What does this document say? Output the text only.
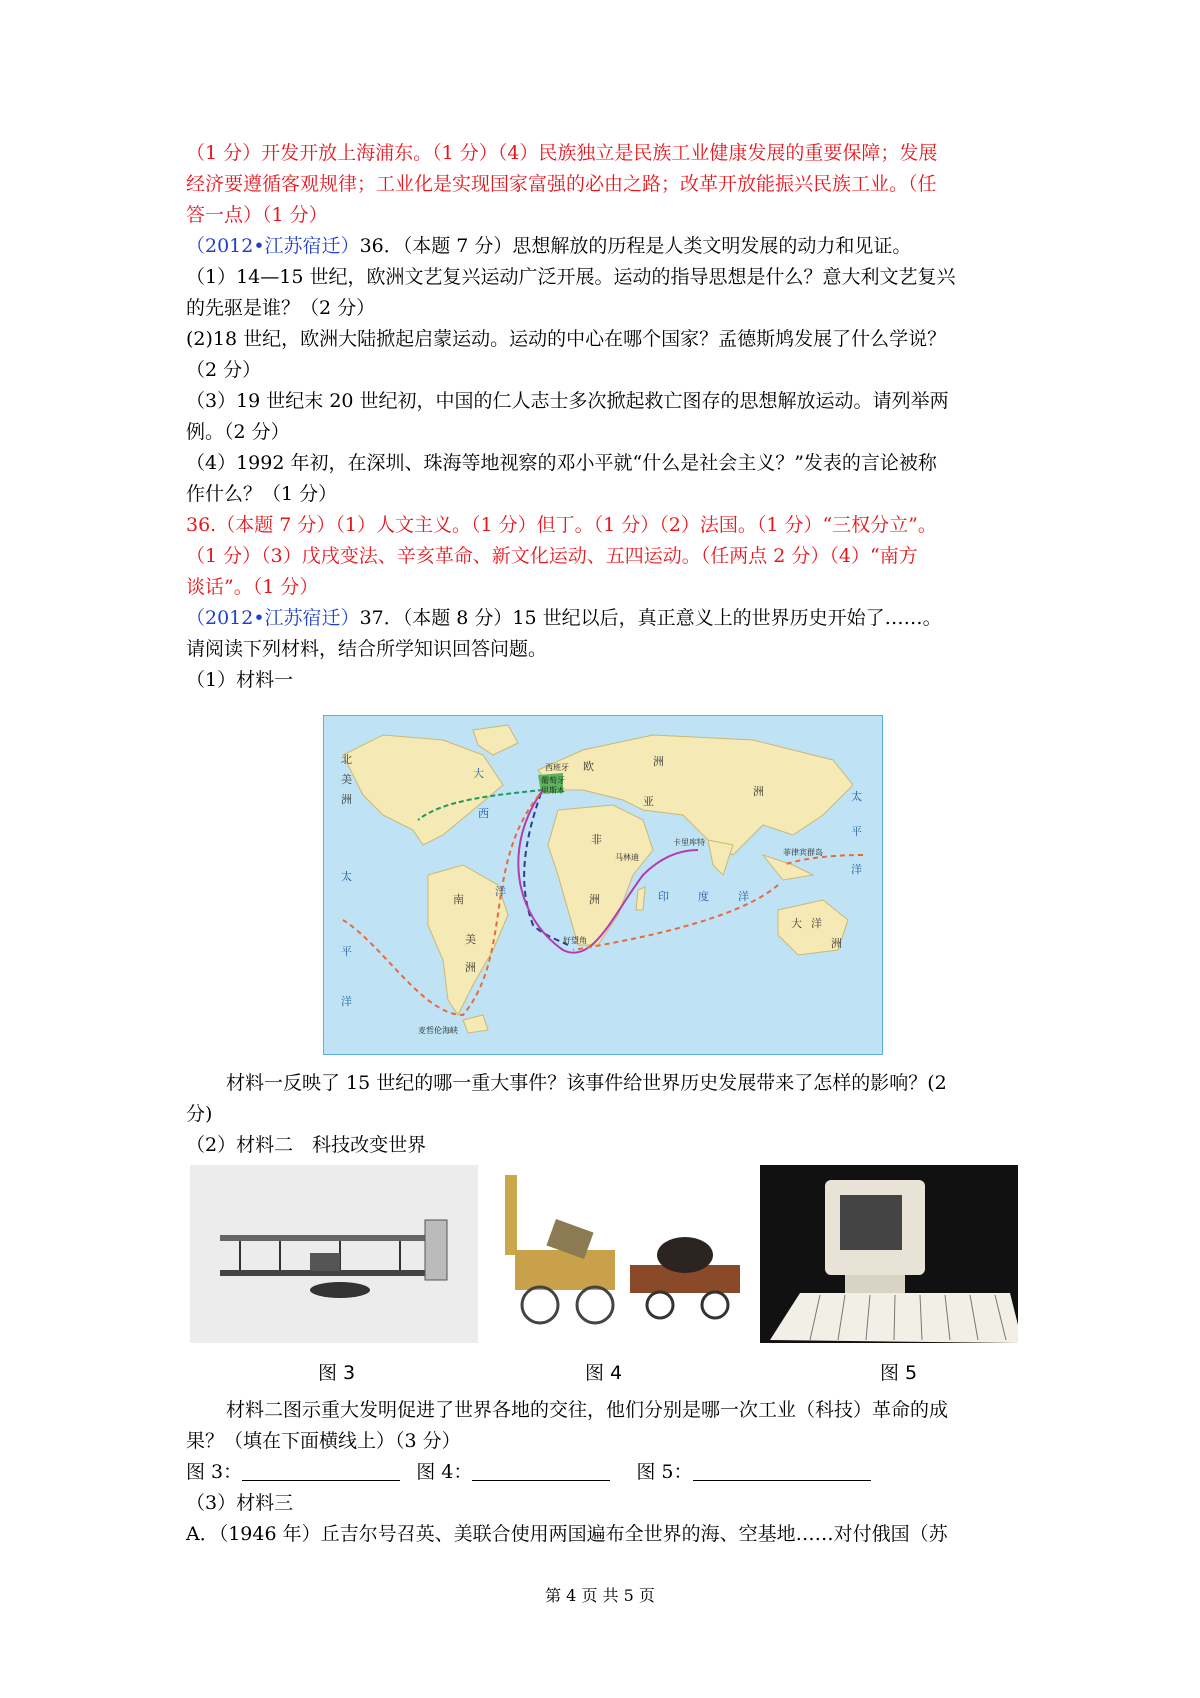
（1 分）开发开放上海浦东。（1 分）（4）民族独立是民族工业健康发展的重要保障；发展
经济要遵循客观规律；工业化是实现国家富强的必由之路；改革开放能振兴民族工业。（任
答一点）（1 分）
（2012•江苏宿迁）36．（本题 7 分）思想解放的历程是人类文明发展的动力和见证。
（1）14—15 世纪，欧洲文艺复兴运动广泛开展。运动的指导思想是什么？意大利文艺复兴
的先驱是谁？（2 分）
(2)18 世纪，欧洲大陆掀起启蒙运动。运动的中心在哪个国家？孟德斯鸠发展了什么学说？
（2 分）
（3）19 世纪末 20 世纪初，中国的仁人志士多次掀起救亡图存的思想解放运动。请列举两
例。（2 分）
（4）1992 年初，在深圳、珠海等地视察的邓小平就“什么是社会主义？”发表的言论被称
作什么？（1 分）
36.（本题 7 分）（1）人文主义。（1 分）但丁。（1 分）（2）法国。（1 分）“三权分立”。
（1 分）（3）戊戌变法、辛亥革命、新文化运动、五四运动。（任两点 2 分）（4）“南方
谈话”。（1 分）
（2012•江苏宿迁）37．（本题 8 分）15 世纪以后，真正意义上的世界历史开始了……。
请阅读下列材料，结合所学知识回答问题。
（1）材料一
北
美
洲
大
西
洋
欧	洲
亚
洲
非
洲
南
美
洲
太
平
洋
太
平
洋
印	度	洋
大 洋
洲
西班牙
葡萄牙
里斯本
卡里库特
马林迪
好望角
菲律宾群岛
麦哲伦海峡
材料一反映了 15 世纪的哪一重大事件？该事件给世界历史发展带来了怎样的影响？(2
分)
（2）材料二　科技改变世界
图 3	图 4	图 5
材料二图示重大发明促进了世界各地的交往，他们分别是哪一次工业（科技）革命的成
果？（填在下面横线上）（3 分）
图 3：	图 4：	图 5：
（3）材料三
A．（1946 年）丘吉尔号召英、美联合使用两国遍布全世界的海、空基地……对付俄国（苏
第 4 页 共 5 页
